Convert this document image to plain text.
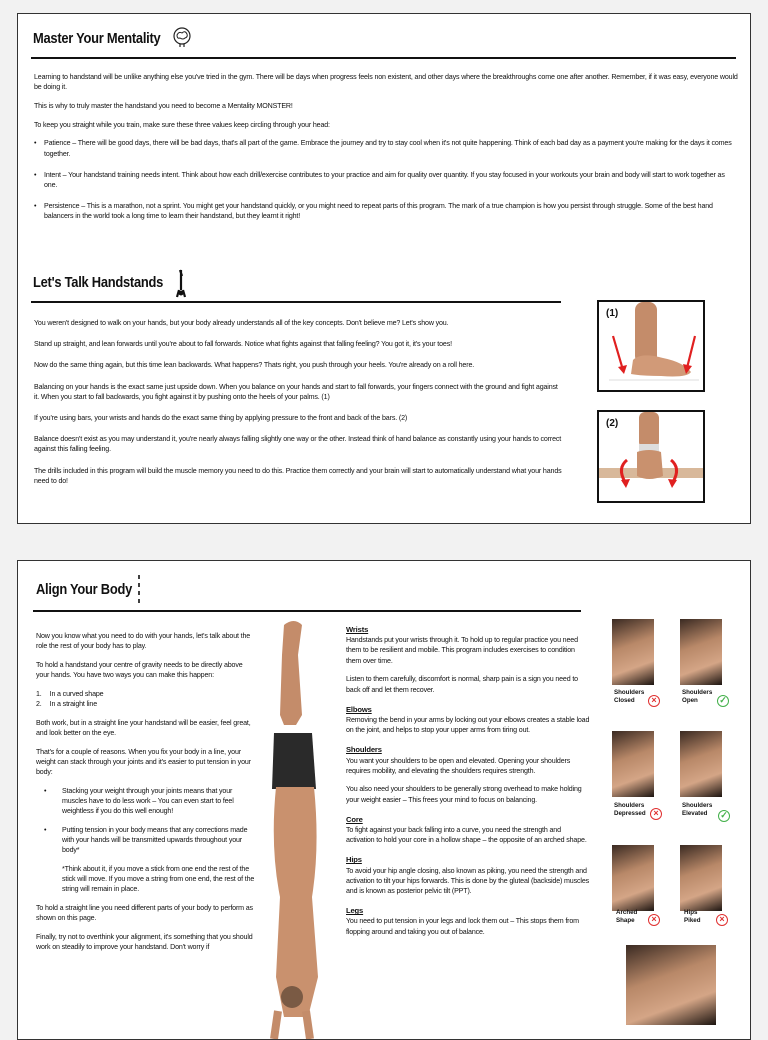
Master Your Mentality

Learning to handstand will be unlike anything else you've tried in the gym. There will be days when progress feels non existent, and other days where the breakthroughs come one after another. Remember, if it was easy, everyone would be doing it.

This is why to truly master the handstand you need to become a Mentality MONSTER!

To keep you straight while you train, make sure these three values keep circling through your head:

• Patience – There will be good days, there will be bad days, that's all part of the game. Embrace the journey and try to stay cool when it's not quite happening. Think of each bad day as a payment you're making for the days it comes together.
• Intent – Your handstand training needs intent. Think about how each drill/exercise contributes to your practice and aim for quality over quantity. If you stay focused in your workouts your brain and body will start to work together as one.
• Persistence – This is a marathon, not a sprint. You might get your handstand quickly, or you might need to repeat parts of this program. The mark of a true champion is how you persist through struggle. Some of the best hand balancers in the world took a long time to learn their handstand, but they learnt it right!
Let's Talk Handstands

You weren't designed to walk on your hands, but your body already understands all of the key concepts. Don't believe me? Let's show you.

Stand up straight, and lean forwards until you're about to fall forwards. Notice what fights against that falling feeling? You got it, it's your toes!

Now do the same thing again, but this time lean backwards. What happens? Thats right, you push through your heels. You're already on a roll here.

Balancing on your hands is the exact same just upside down. When you balance on your hands and start to fall forwards, your fingers connect with the ground and fight against it. When you start to fall backwards, you fight against it by pushing onto the heels of your palms. (1)

If you're using bars, your wrists and hands do the exact same thing by applying pressure to the front and back of the bars. (2)

Balance doesn't exist as you may understand it, you're nearly always falling slightly one way or the other. Instead think of hand balance as constantly using your hands to correct against this falling feeling.

The drills included in this program will build the muscle memory you need to do this. Practice them correctly and your brain will start to automatically understand what your hands need to do!

(1)
(2)
Align Your Body

Now you know what you need to do with your hands, let's talk about the role the rest of your body has to play.

To hold a handstand your centre of gravity needs to be directly above your hands. You have two ways you can make this happen:

1. In a curved shape
2. In a straight line

Both work, but in a straight line your handstand will be easier, feel great, and look better on the eye.

That's for a couple of reasons. When you fix your body in a line, your weight can stack through your joints and it's easier to put tension in your body:

• Stacking your weight through your joints means that your muscles have to do less work – You can even start to feel weightless if you do this well enough!
• Putting tension in your body means that any corrections made with your hands will be transmitted upwards throughout your body*
*Think about it, if you move a stick from one end the rest of the stick will move. If you move a string from one end, the rest of the string will remain in place.

To hold a straight line you need different parts of your body to perform as shown on this page.

Finally, try not to overthink your alignment, it's something that you should work on steadily to improve your handstand. Don't worry if

Wrists

Handstands put your wrists through it. To hold up to regular practice you need them to be resilient and mobile. This program includes exercises to condition them over time.

Listen to them carefully, discomfort is normal, sharp pain is a sign you need to back off and let them recover.

Elbows

Removing the bend in your arms by locking out your elbows creates a stable load on the joint, and helps to stop your upper arms from tiring out.

Shoulders

You want your shoulders to be open and elevated. Opening your shoulders requires mobility, and elevating the shoulders requires strength.

You also need your shoulders to be generally strong overhead to make holding your weight easier – This frees your mind to focus on balancing.

Core

To fight against your back falling into a curve, you need the strength and activation to hold your core in a hollow shape – the opposite of an arched shape.

Hips

To avoid your hip angle closing, also known as piking, you need the strength and activation to tilt your hips forwards. This is done by the gluteal (backside) muscles and is known as posterior pelvic tilt (PPT).

Legs

You need to put tension in your legs and lock them out – This stops them from flopping around and taking you out of balance.

Shoulders
Closed	×
Shoulders
Open	✓
Shoulders
Depressed ×
Shoulders
Elevated	✓
Arched
Shape	×
Hips
Piked	×
